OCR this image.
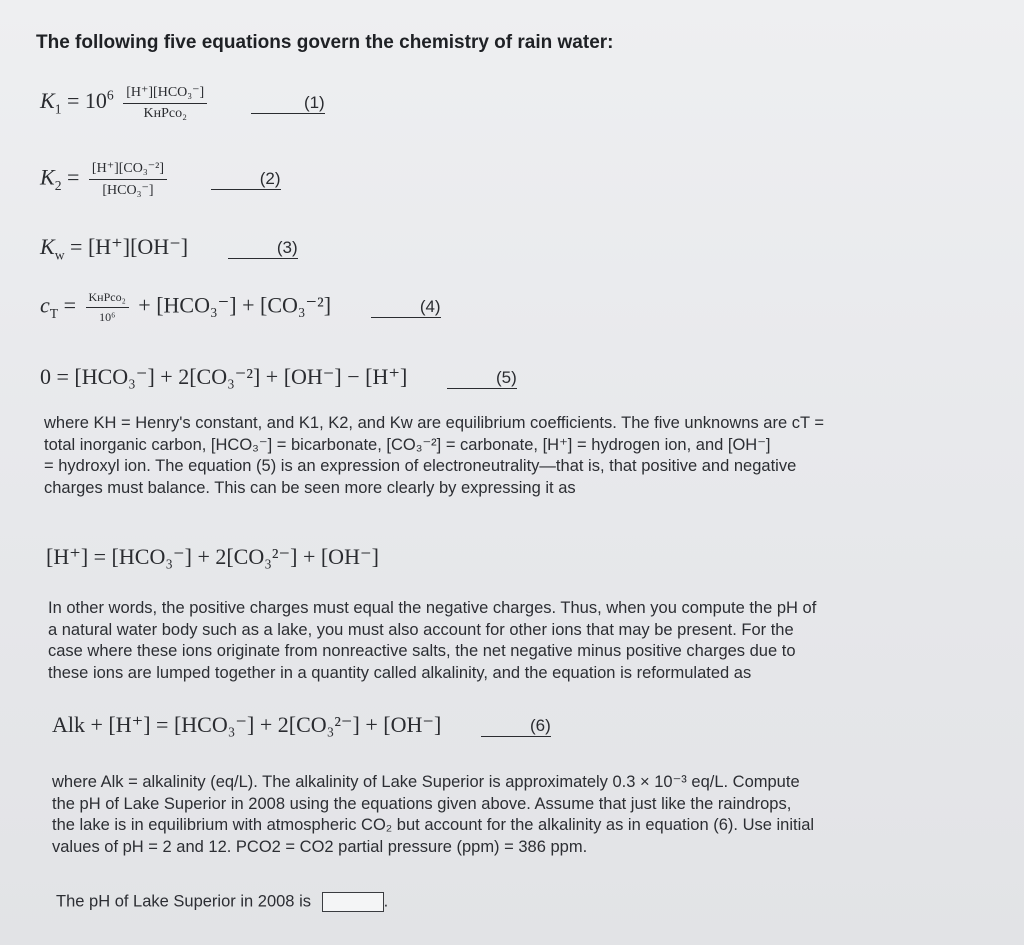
The following five equations govern the chemistry of rain water:
$K_1 = 10^6 \frac{\text{[H⁺][HCO₃⁻]}}{\text{KʜPco₂}}$	(1)
$K_2 = \frac{\text{[H⁺][CO₃⁻²]}}{\text{[HCO₃⁻]}}$	(2)
$K_w = [H^+][OH^-]$	(3)
$c_T = \frac{\text{KʜPco₂}}{\text{10⁶}} + [HCO_3^-] + [CO_3^{-2}]$	(4)
0 = [HCO₃⁻] + 2[CO₃⁻²] + [OH⁻] − [H⁺]	(5)
where KH = Henry's constant, and K1, K2, and Kw are equilibrium coefficients. The five unknowns are cT =
total inorganic carbon, [HCO₃⁻] = bicarbonate, [CO₃⁻²] = carbonate, [H⁺] = hydrogen ion, and [OH⁻]
= hydroxyl ion. The equation (5) is an expression of electroneutrality—that is, that positive and negative
charges must balance. This can be seen more clearly by expressing it as
[H⁺] = [HCO₃⁻] + 2[CO₃²⁻] + [OH⁻]
In other words, the positive charges must equal the negative charges. Thus, when you compute the pH of
a natural water body such as a lake, you must also account for other ions that may be present. For the
case where these ions originate from nonreactive salts, the net negative minus positive charges due to
these ions are lumped together in a quantity called alkalinity, and the equation is reformulated as
Alk + [H⁺] = [HCO₃⁻] + 2[CO₃²⁻] + [OH⁻]	(6)
where Alk = alkalinity (eq/L). The alkalinity of Lake Superior is approximately 0.3 × 10⁻³ eq/L. Compute
the pH of Lake Superior in 2008 using the equations given above. Assume that just like the raindrops,
the lake is in equilibrium with atmospheric CO₂ but account for the alkalinity as in equation (6). Use initial
values of pH = 2 and 12. PCO2 = CO2 partial pressure (ppm) = 386 ppm.
The pH of Lake Superior in 2008 is	.
